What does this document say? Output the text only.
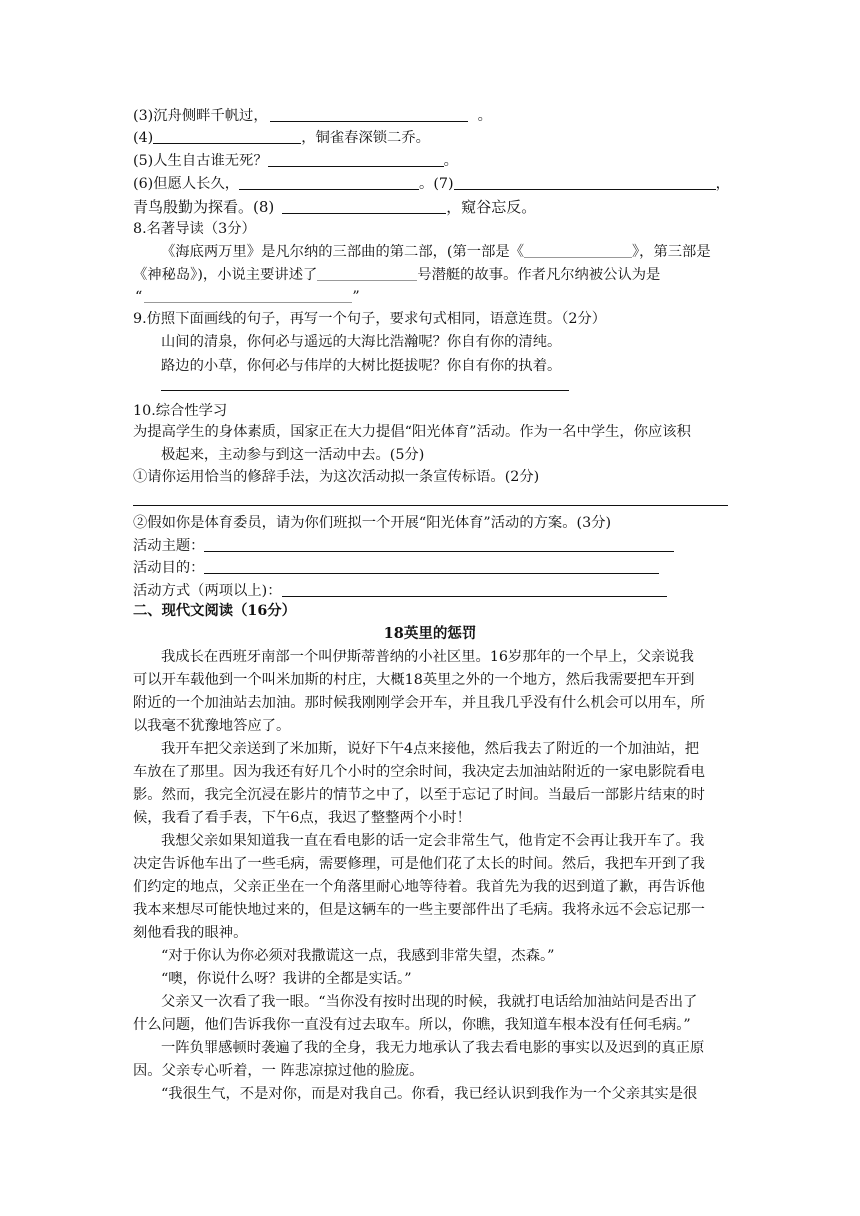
(3)沉舟侧畔千帆过，	。
(4)	，铜雀春深锁二乔。
(5)人生自古谁无死？	。
(6)但愿人长久，	。(7)	，
青鸟殷勤为探看。(8)	，窥谷忘反。
8.名著导读（3分）
《海底两万里》是凡尔纳的三部曲的第二部，(第一部是《	》，第三部是
《神秘岛》)，小说主要讲述了	号潜艇的故事。作者凡尔纳被公认为是
“	”
9.仿照下面画线的句子，再写一个句子，要求句式相同，语意连贯。（2分）
山间的清泉，你何必与遥远的大海比浩瀚呢？你自有你的清纯。
路边的小草，你何必与伟岸的大树比挺拔呢？你自有你的执着。
10.综合性学习
为提高学生的身体素质，国家正在大力提倡“阳光体育”活动。作为一名中学生，你应该积
极起来，主动参与到这一活动中去。(5分)
①请你运用恰当的修辞手法，为这次活动拟一条宣传标语。(2分)
②假如你是体育委员，请为你们班拟一个开展“阳光体育”活动的方案。(3分)
活动主题：
活动目的：
活动方式（两项以上)：
二、现代文阅读（16分）
18英里的惩罚
我成长在西班牙南部一个叫伊斯蒂普纳的小社区里。16岁那年的一个早上，父亲说我
可以开车载他到一个叫米加斯的村庄，大概18英里之外的一个地方，然后我需要把车开到
附近的一个加油站去加油。那时候我刚刚学会开车，并且我几乎没有什么机会可以用车，所
以我毫不犹豫地答应了。
我开车把父亲送到了米加斯，说好下午4点来接他，然后我去了附近的一个加油站，把
车放在了那里。因为我还有好几个小时的空余时间，我决定去加油站附近的一家电影院看电
影。然而，我完全沉浸在影片的情节之中了，以至于忘记了时间。当最后一部影片结束的时
候，我看了看手表，下午6点，我迟了整整两个小时！
我想父亲如果知道我一直在看电影的话一定会非常生气，他肯定不会再让我开车了。我
决定告诉他车出了一些毛病，需要修理，可是他们花了太长的时间。然后，我把车开到了我
们约定的地点，父亲正坐在一个角落里耐心地等待着。我首先为我的迟到道了歉，再告诉他
我本来想尽可能快地过来的，但是这辆车的一些主要部件出了毛病。我将永远不会忘记那一
刻他看我的眼神。
“对于你认为你必须对我撒谎这一点，我感到非常失望，杰森。”
“噢，你说什么呀？我讲的全都是实话。”
父亲又一次看了我一眼。“当你没有按时出现的时候，我就打电话给加油站问是否出了
什么问题，他们告诉我你一直没有过去取车。所以，你瞧，我知道车根本没有任何毛病。”
一阵负罪感顿时袭遍了我的全身，我无力地承认了我去看电影的事实以及迟到的真正原
因。父亲专心听着，一 阵悲凉掠过他的脸庞。
“我很生气，不是对你，而是对我自己。你看，我已经认识到我作为一个父亲其实是很
